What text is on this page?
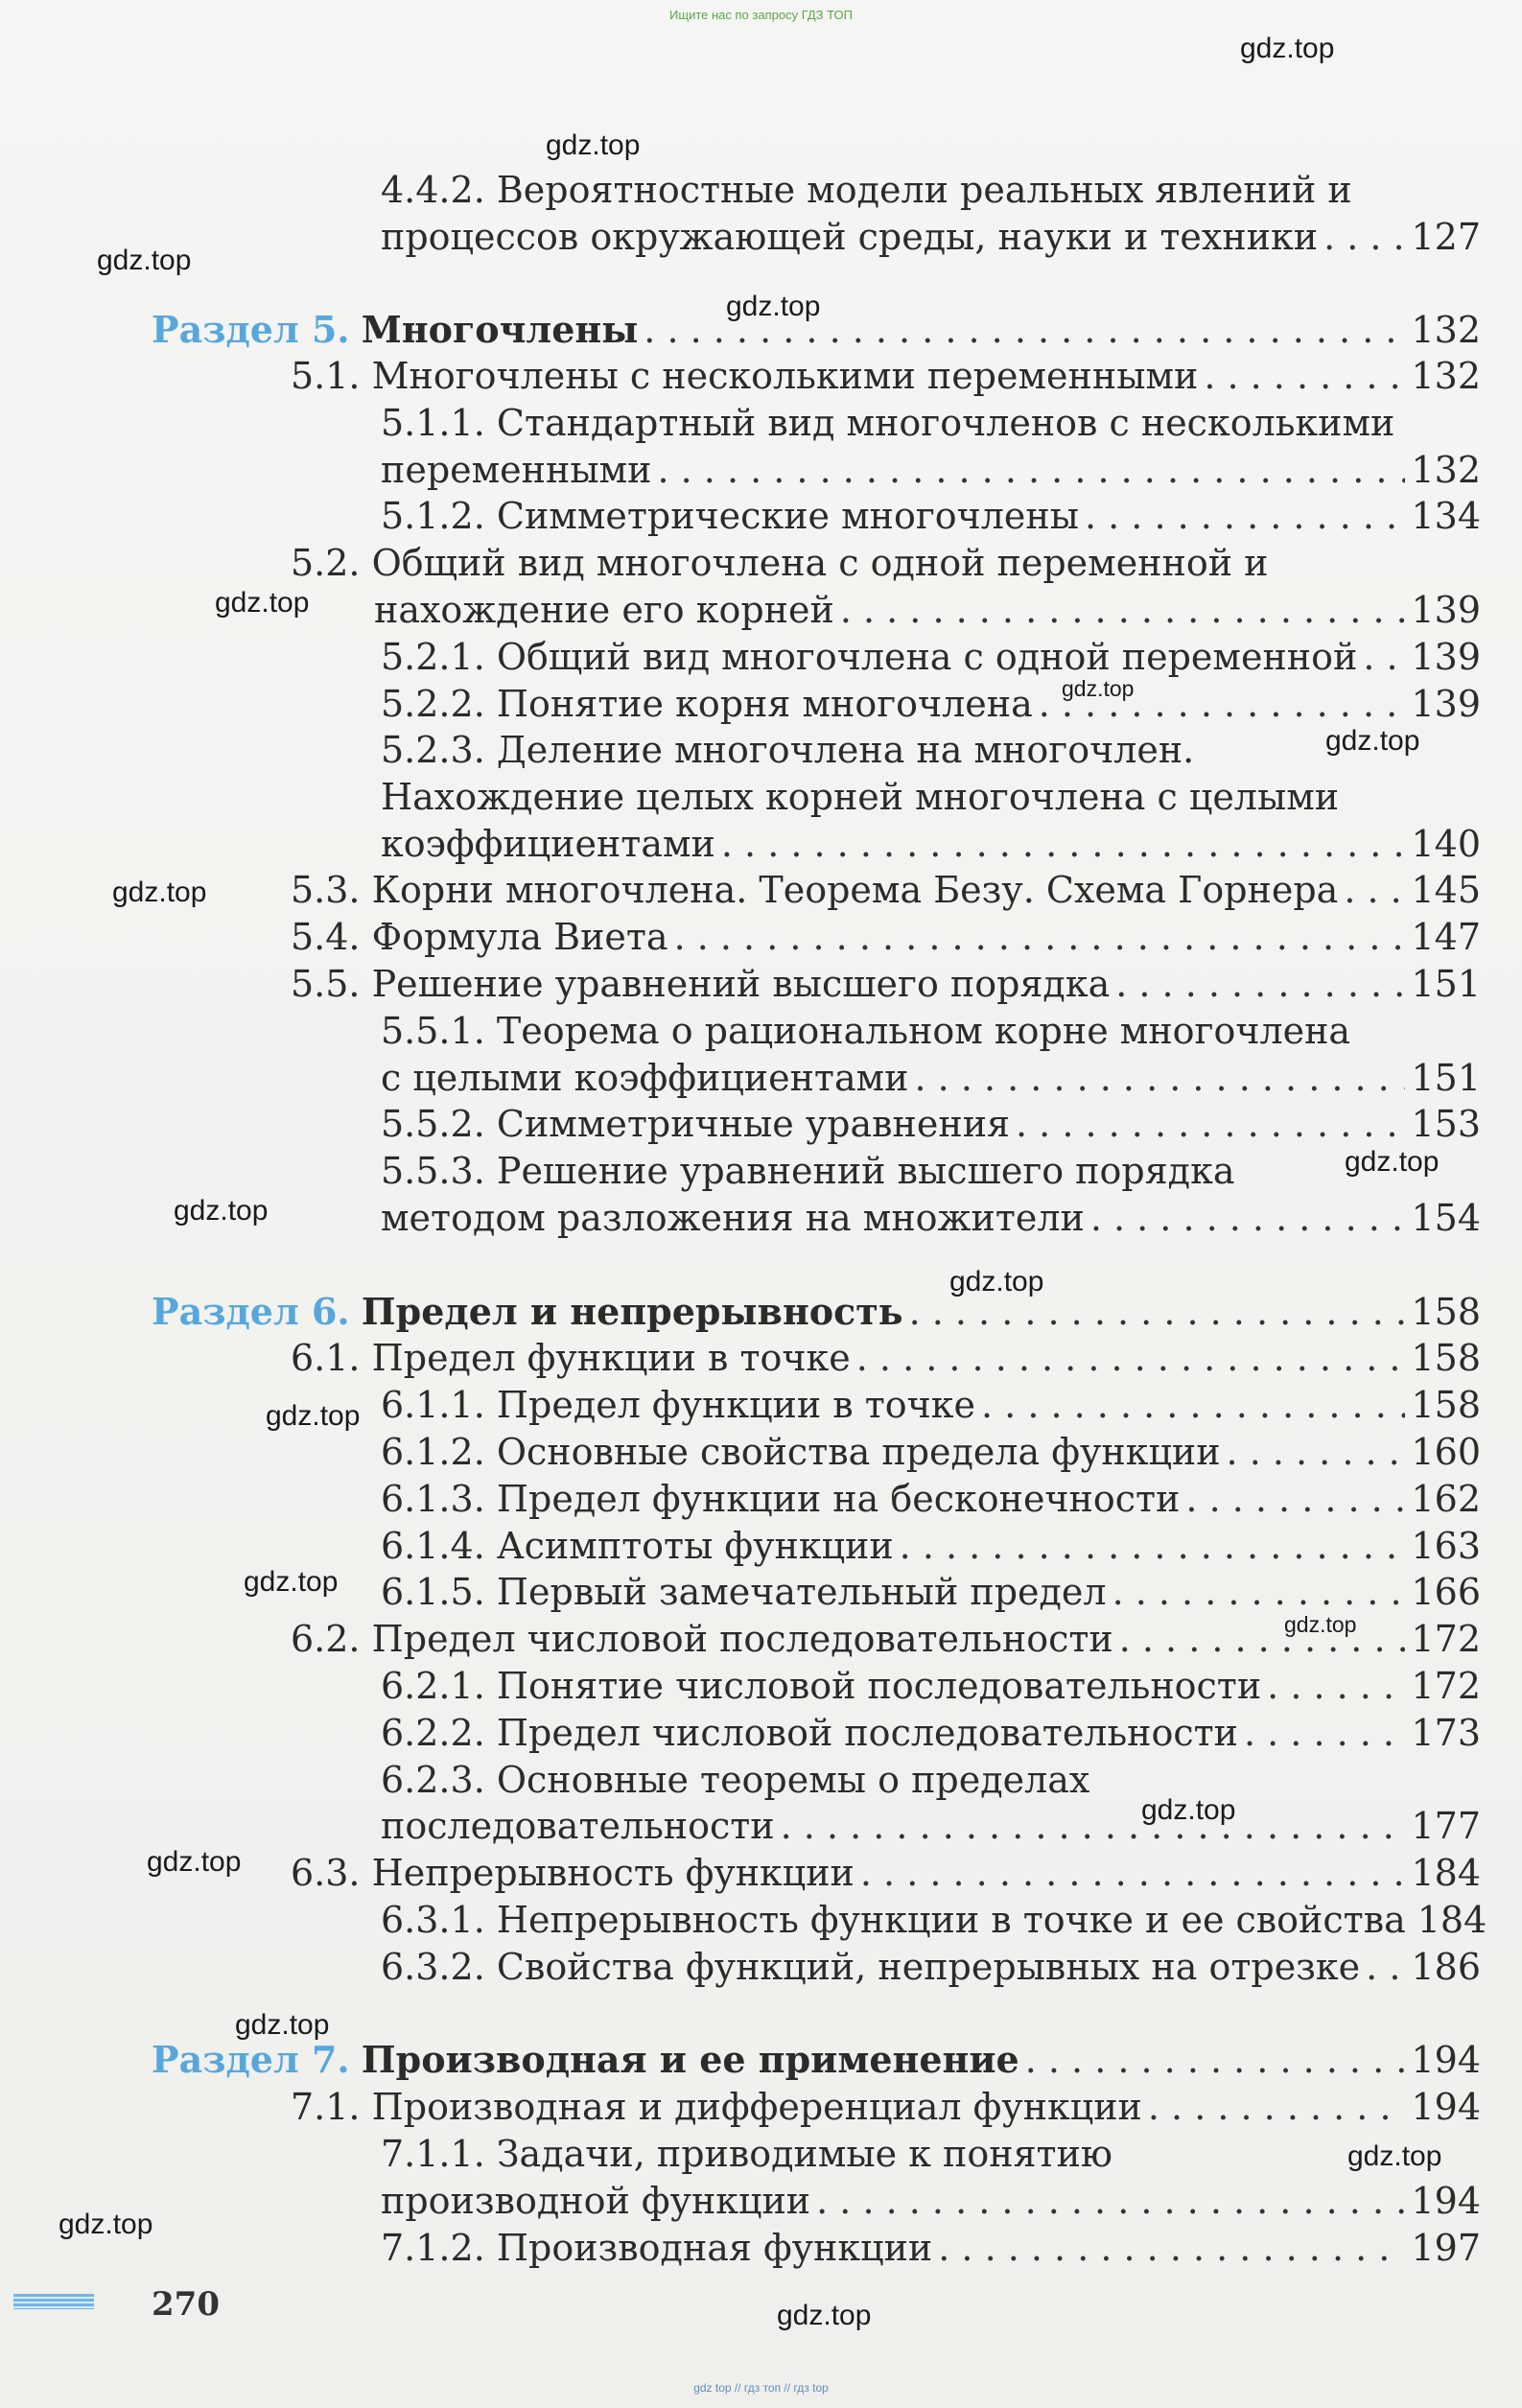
Ищите нас по запросу ГДЗ ТОП
4.4.2. Вероятностные модели реальных явлений и
процессов окружающей среды, науки и техники . . .	127
Раздел 5. Многочлены . . .	132
5.1. Многочлены с несколькими переменными . . .	132
5.1.1. Стандартный вид многочленов с несколькими
переменными . . .	132
5.1.2. Симметрические многочлены . . .	134
5.2. Общий вид многочлена с одной переменной и
нахождение его корней . . .	139
5.2.1. Общий вид многочлена с одной переменной . . . 139
5.2.2. Понятие корня многочлена . . .	139
5.2.3. Деление многочлена на многочлен.
Нахождение целых корней многочлена с целыми
коэффициентами . . .	140
5.3. Корни многочлена. Теорема Безу. Схема Горнера . . . 145
5.4. Формула Виета . . .	147
5.5. Решение уравнений высшего порядка . . .	151
5.5.1. Теорема о рациональном корне многочлена
с целыми коэффициентами . . .	151
5.5.2. Симметричные уравнения . . .	153
5.5.3. Решение уравнений высшего порядка
методом разложения на множители . . .	154
Раздел 6. Предел и непрерывность . . .	158
6.1. Предел функции в точке . . .	158
6.1.1. Предел функции в точке . . .	158
6.1.2. Основные свойства предела функции . . .	160
6.1.3. Предел функции на бесконечности . . .	162
6.1.4. Асимптоты функции . . .	163
6.1.5. Первый замечательный предел . . .	166
6.2. Предел числовой последовательности . . .	172
6.2.1. Понятие числовой последовательности . . .	172
6.2.2. Предел числовой последовательности . . .	173
6.2.3. Основные теоремы о пределах
последовательности . . .	177
6.3. Непрерывность функции . . .	184
6.3.1. Непрерывность функции в точке и ее свойства 184
6.3.2. Свойства функций, непрерывных на отрезке . . . 186
Раздел 7. Производная и ее применение . . .	194
7.1. Производная и дифференциал функции . . .	194
7.1.1. Задачи, приводимые к понятию
производной функции . . .	194
7.1.2. Производная функции . . .	197
gdz.top
gdz.top
gdz.top
gdz.top
gdz.top
gdz.top
gdz.top
gdz.top
gdz.top
gdz.top
gdz.top
gdz.top
gdz.top
gdz.top
gdz.top
gdz.top
gdz.top
gdz.top
gdz.top
gdz.top
270
gdz top // гдз топ // гдз top
